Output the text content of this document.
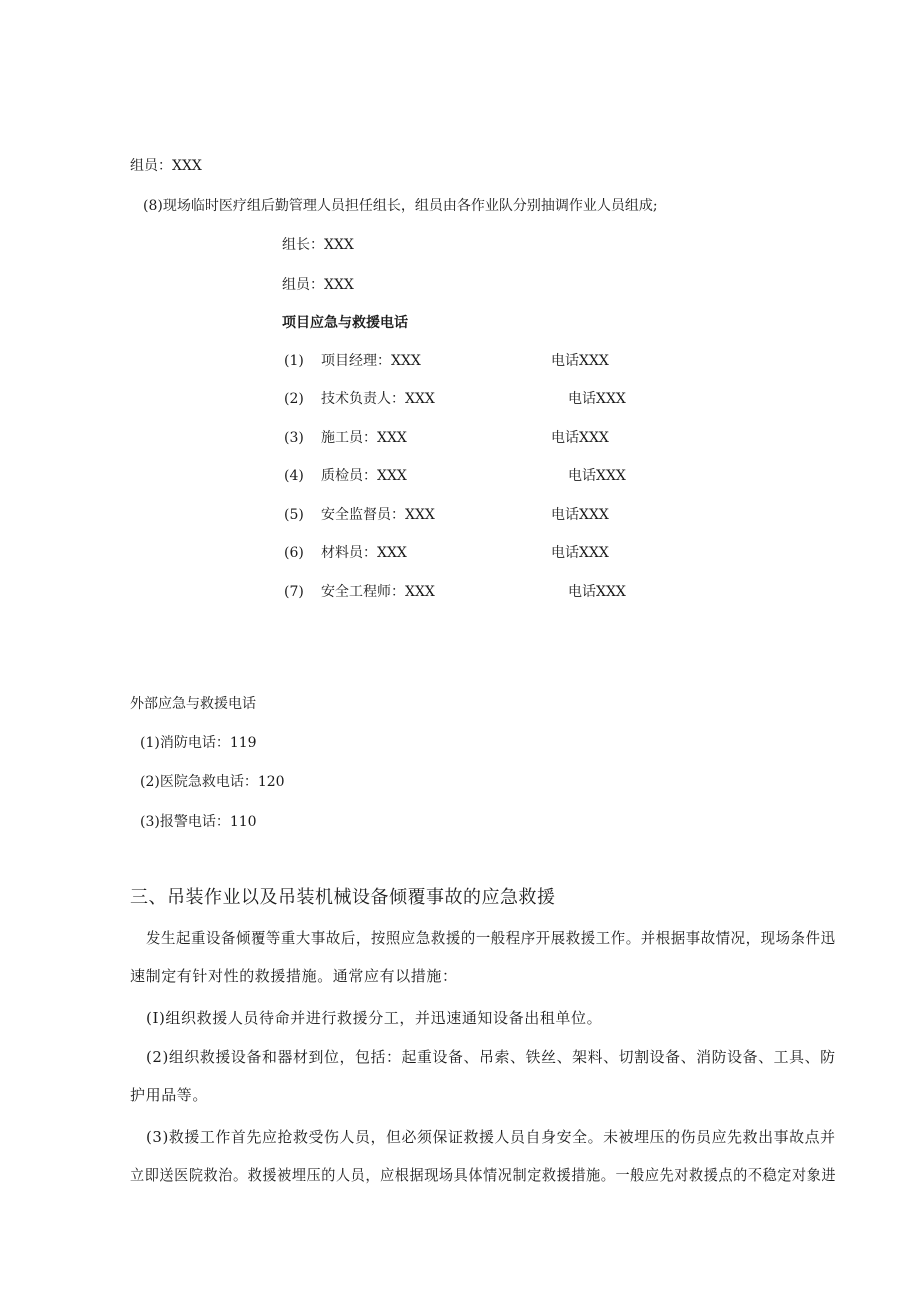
组员：XXX
(8)现场临时医疗组后勤管理人员担任组长，组员由各作业队分别抽调作业人员组成;
组长：XXX
组员：XXX
项目应急与救援电话
(1) 项目经理：XXX	电话XXX
(2) 技术负责人：XXX	电话XXX
(3) 施工员：XXX	电话XXX
(4) 质检员：XXX	电话XXX
(5) 安全监督员：XXX	电话XXX
(6) 材料员：XXX	电话XXX
(7) 安全工程师：XXX	电话XXX
外部应急与救援电话
(1)消防电话：119
(2)医院急救电话：120
(3)报警电话：110
三、吊装作业以及吊装机械设备倾覆事故的应急救援
发生起重设备倾覆等重大事故后，按照应急救援的一般程序开展救援工作。并根据事故情况，现场条件迅
速制定有针对性的救援措施。通常应有以措施：
(I)组织救援人员待命并进行救援分工，并迅速通知设备出租单位。
(2)组织救援设备和器材到位，包括：起重设备、吊索、铁丝、架料、切割设备、消防设备、工具、防
护用品等。
(3)救援工作首先应抢救受伤人员，但必须保证救援人员自身安全。未被埋压的伤员应先救出事故点并
立即送医院救治。救援被埋压的人员，应根据现场具体情况制定救援措施。一般应先对救援点的不稳定对象进
